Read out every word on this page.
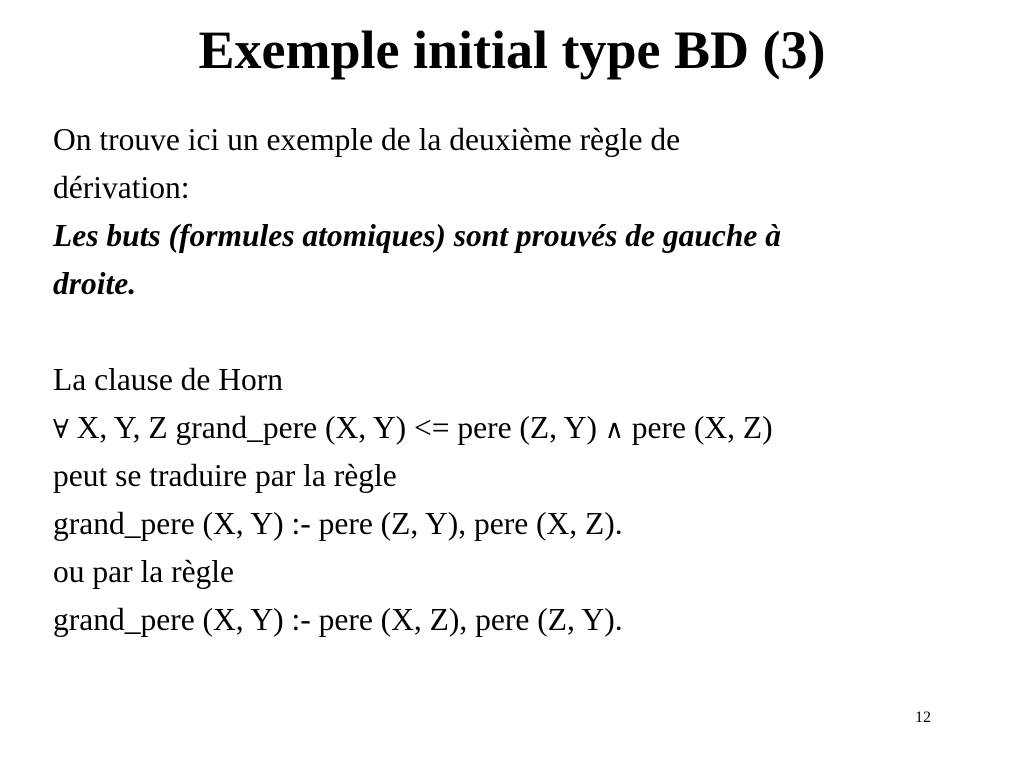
Exemple initial type BD (3)
On trouve ici un exemple de la deuxième règle de
dérivation:
Les buts (formules atomiques) sont prouvés de gauche à
droite.
La clause de Horn
∀ X, Y, Z grand_pere (X, Y) <= pere (Z, Y) ∧ pere (X, Z)
peut se traduire par la règle
grand_pere (X, Y) :- pere (Z, Y), pere (X, Z).
ou par la règle
grand_pere (X, Y) :- pere (X, Z), pere (Z, Y).
12
